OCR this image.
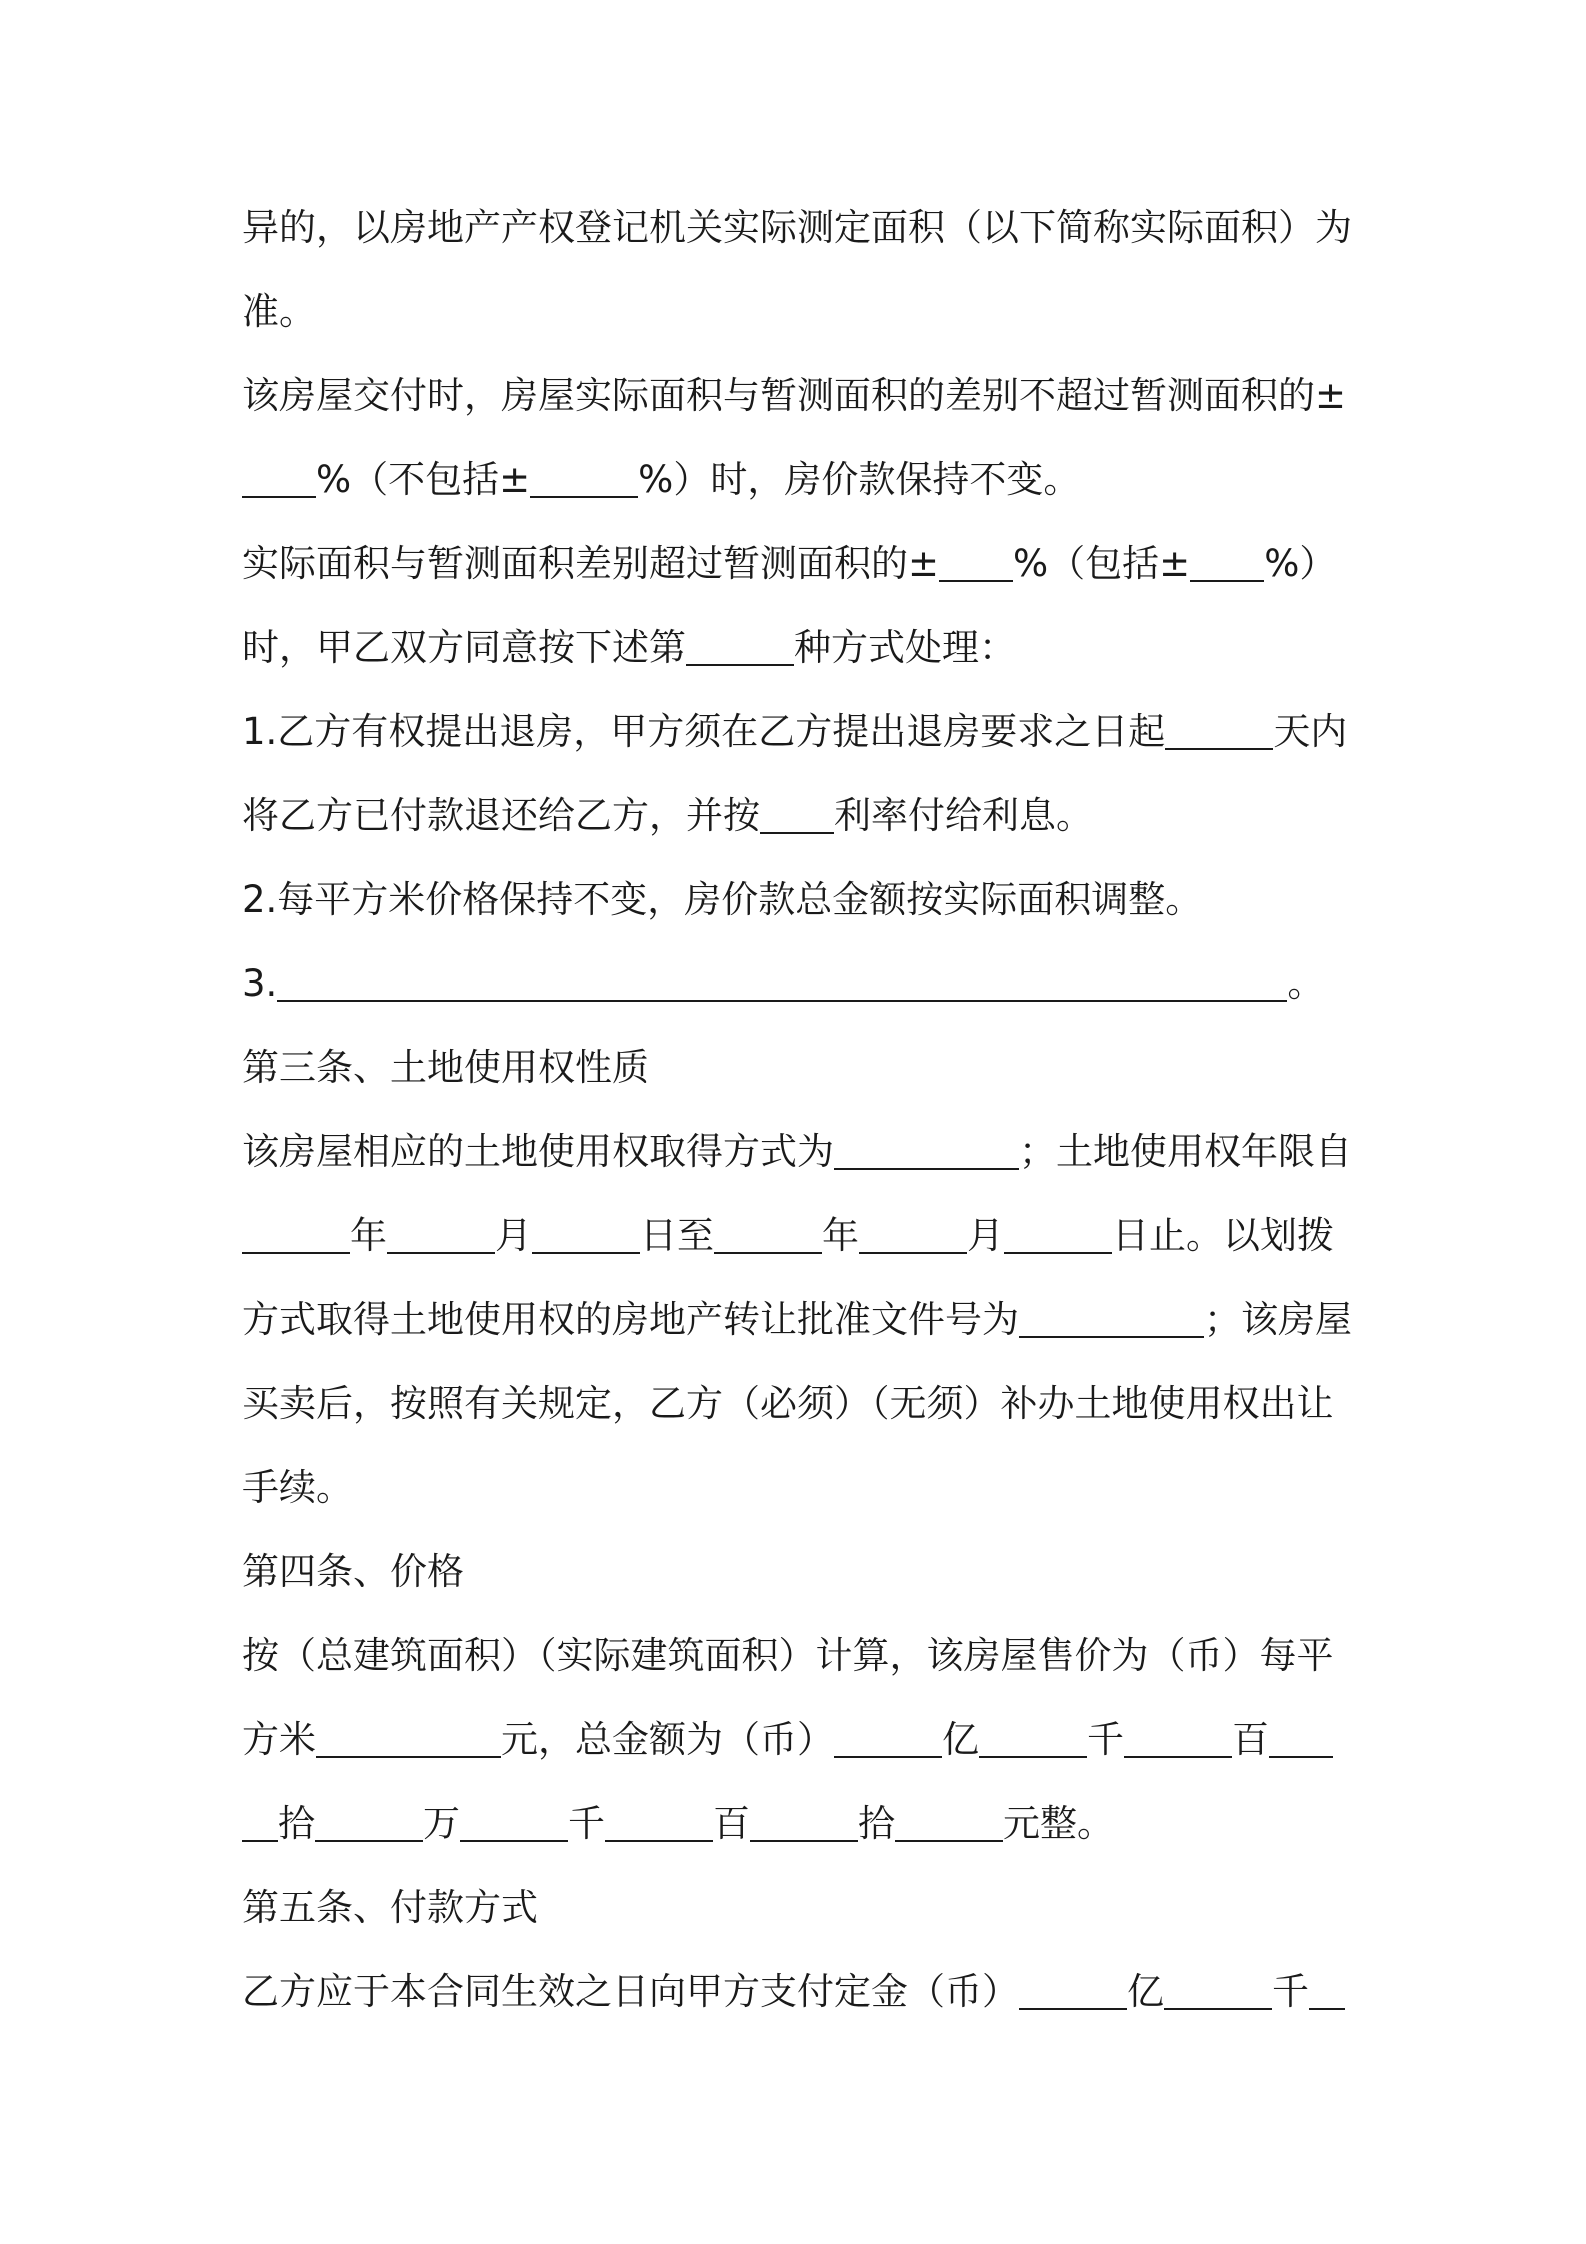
异的，以房地产产权登记机关实际测定面积（以下简称实际面积）为
准。
该房屋交付时，房屋实际面积与暂测面积的差别不超过暂测面积的±
%（不包括±	%）时，房价款保持不变。
实际面积与暂测面积差别超过暂测面积的± %（包括± %）
时，甲乙双方同意按下述第	种方式处理：
1.乙方有权提出退房，甲方须在乙方提出退房要求之日起	天内
将乙方已付款退还给乙方，并按 利率付给利息。
2.每平方米价格保持不变，房价款总金额按实际面积调整。
3.	。
第三条、土地使用权性质
该房屋相应的土地使用权取得方式为	；土地使用权年限自
年	月	日至	年	月	日止。以划拨
方式取得土地使用权的房地产转让批准文件号为	；该房屋
买卖后，按照有关规定，乙方（必须）（无须）补办土地使用权出让
手续。
第四条、价格
按（总建筑面积）（实际建筑面积）计算，该房屋售价为（币）每平
方米	元，总金额为（币）	亿	千	百
拾	万	千	百	拾	元整。
第五条、付款方式
乙方应于本合同生效之日向甲方支付定金（币）	亿	千
